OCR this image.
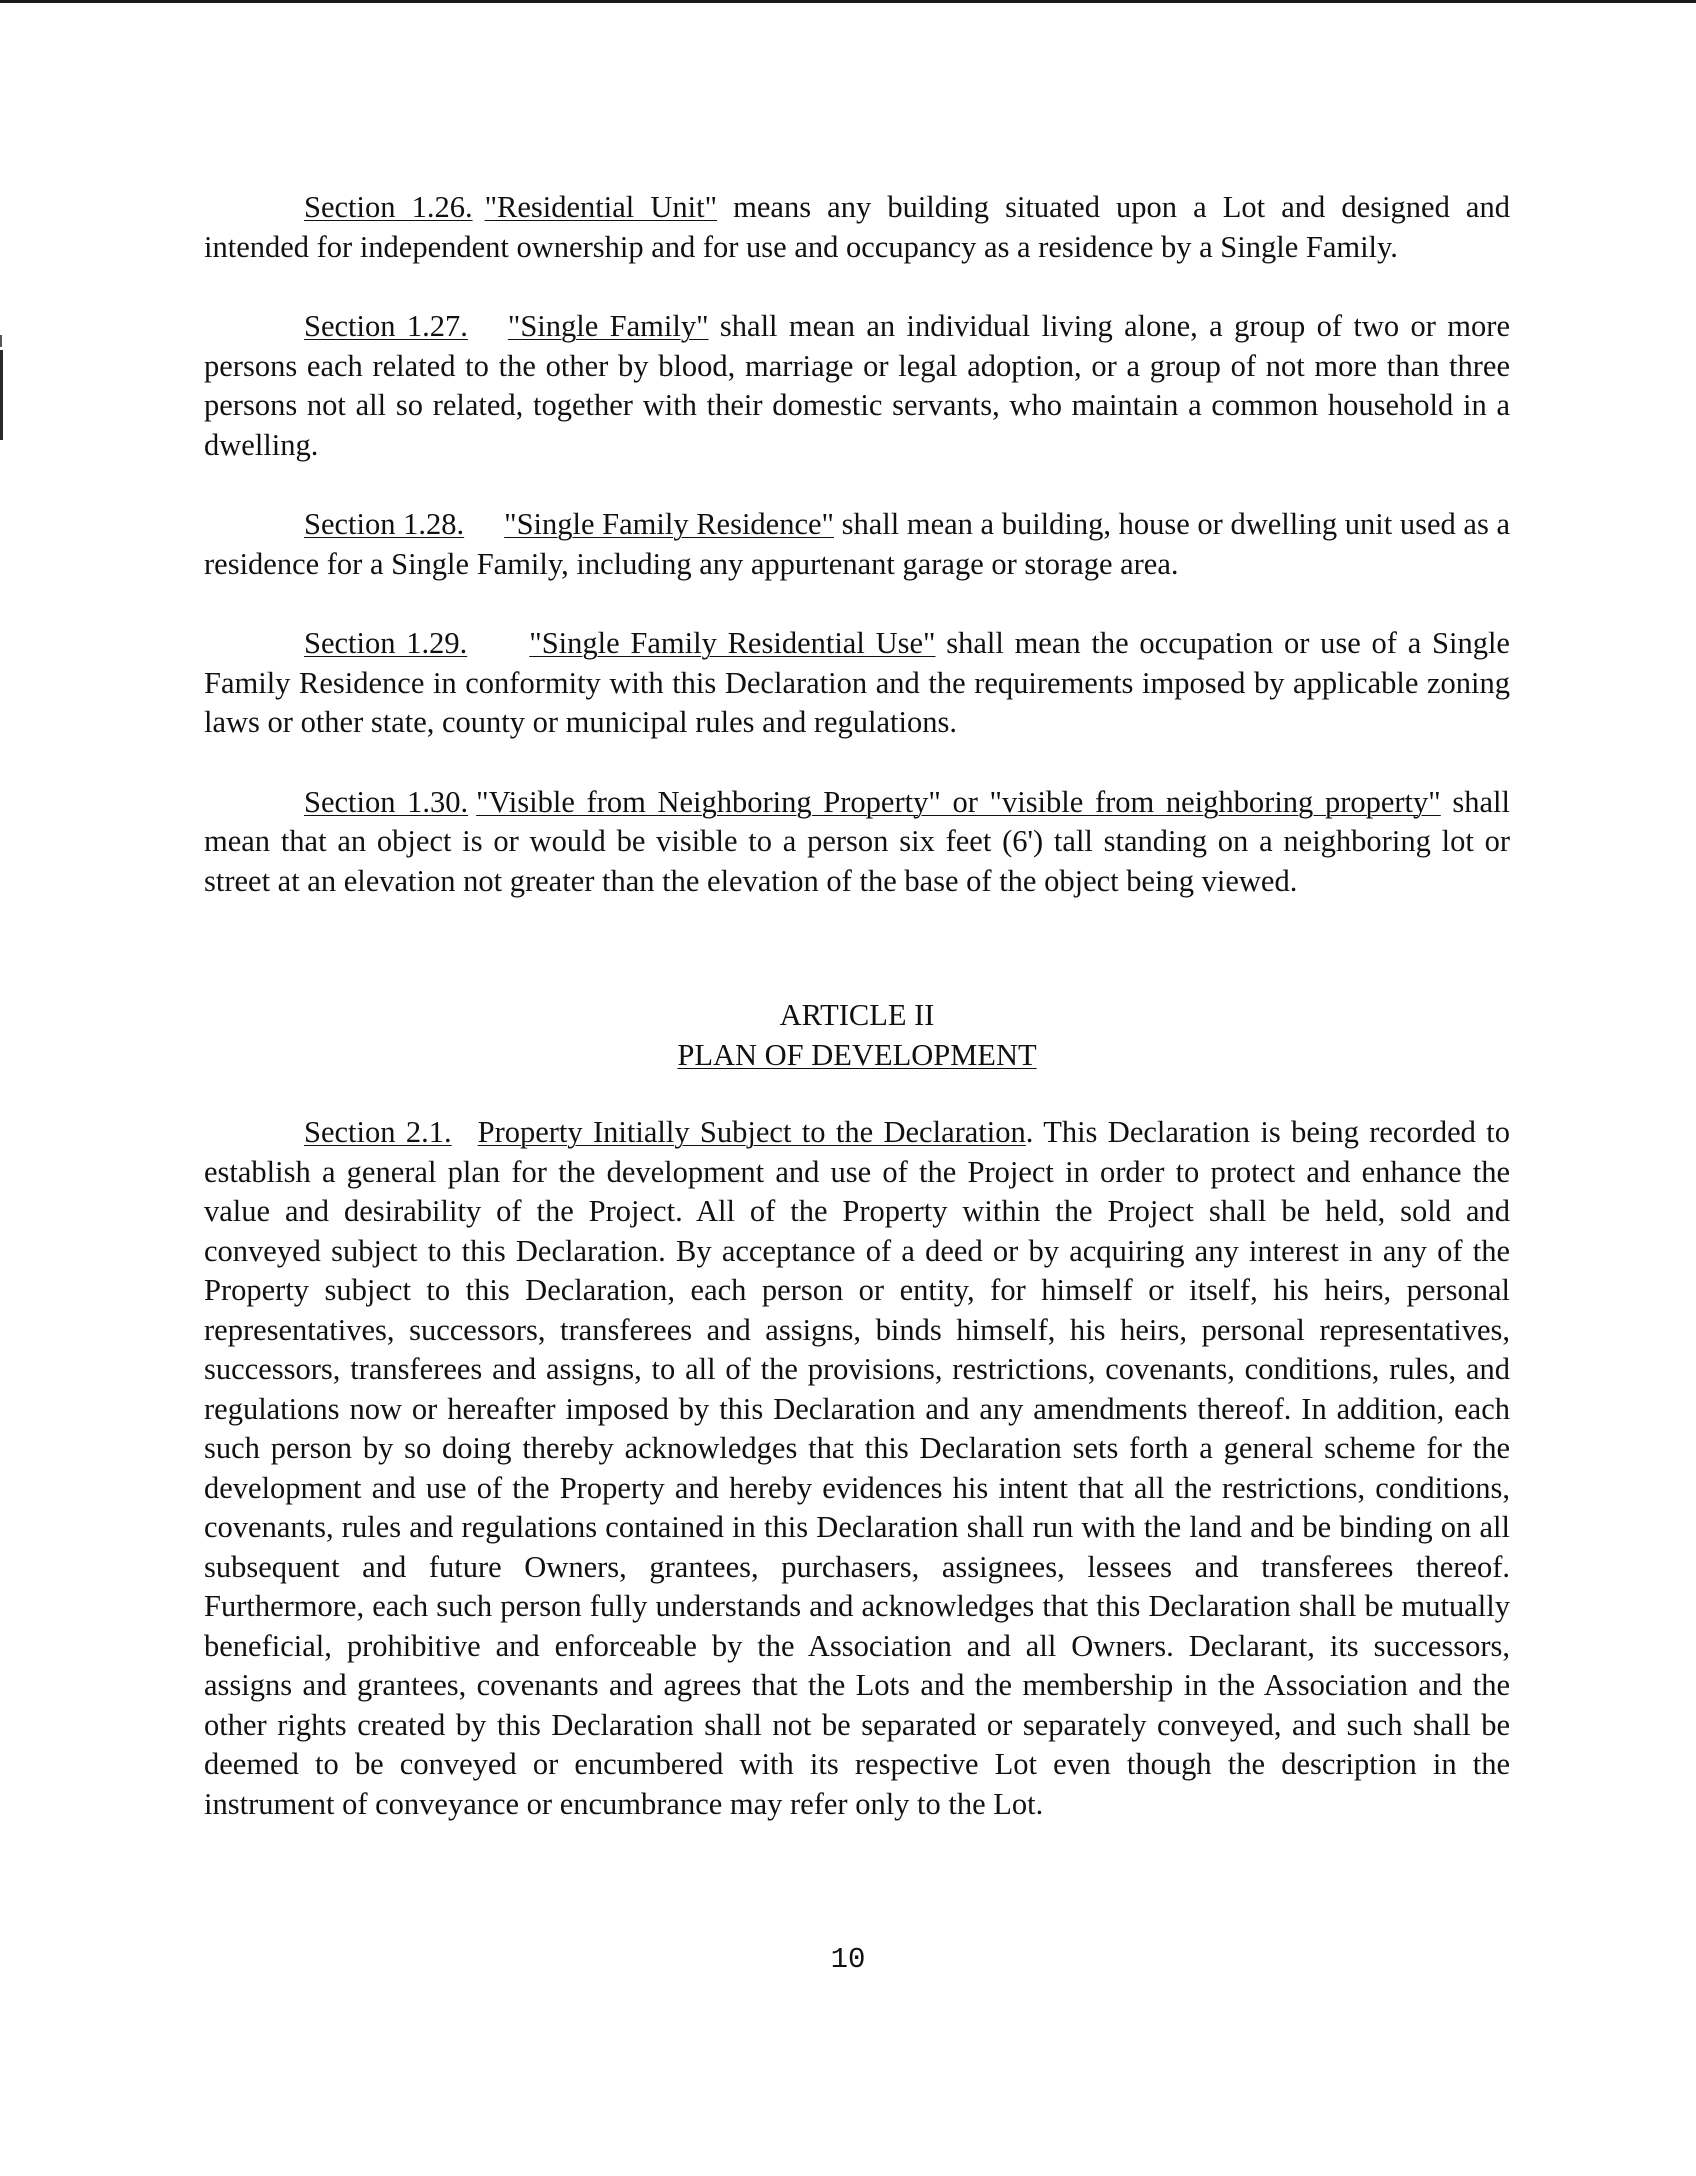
Section 1.26. "Residential Unit" means any building situated upon a Lot and designed and intended for independent ownership and for use and occupancy as a residence by a Single Family.

Section 1.27. "Single Family" shall mean an individual living alone, a group of two or more persons each related to the other by blood, marriage or legal adoption, or a group of not more than three persons not all so related, together with their domestic servants, who maintain a common household in a dwelling.

Section 1.28. "Single Family Residence" shall mean a building, house or dwelling unit used as a residence for a Single Family, including any appurtenant garage or storage area.

Section 1.29. "Single Family Residential Use" shall mean the occupation or use of a Single Family Residence in conformity with this Declaration and the requirements imposed by applicable zoning laws or other state, county or municipal rules and regulations.

Section 1.30. "Visible from Neighboring Property" or "visible from neighboring property" shall mean that an object is or would be visible to a person six feet (6') tall standing on a neighboring lot or street at an elevation not greater than the elevation of the base of the object being viewed.

ARTICLE II
PLAN OF DEVELOPMENT

Section 2.1. Property Initially Subject to the Declaration. This Declaration is being recorded to establish a general plan for the development and use of the Project in order to protect and enhance the value and desirability of the Project. All of the Property within the Project shall be held, sold and conveyed subject to this Declaration. By acceptance of a deed or by acquiring any interest in any of the Property subject to this Declaration, each person or entity, for himself or itself, his heirs, personal representatives, successors, transferees and assigns, binds himself, his heirs, personal representatives, successors, transferees and assigns, to all of the provisions, restrictions, covenants, conditions, rules, and regulations now or hereafter imposed by this Declaration and any amendments thereof. In addition, each such person by so doing thereby acknowledges that this Declaration sets forth a general scheme for the development and use of the Property and hereby evidences his intent that all the restrictions, conditions, covenants, rules and regulations contained in this Declaration shall run with the land and be binding on all subsequent and future Owners, grantees, purchasers, assignees, lessees and transferees thereof. Furthermore, each such person fully understands and acknowledges that this Declaration shall be mutually beneficial, prohibitive and enforceable by the Association and all Owners. Declarant, its successors, assigns and grantees, covenants and agrees that the Lots and the membership in the Association and the other rights created by this Declaration shall not be separated or separately conveyed, and such shall be deemed to be conveyed or encumbered with its respective Lot even though the description in the instrument of conveyance or encumbrance may refer only to the Lot.

10
